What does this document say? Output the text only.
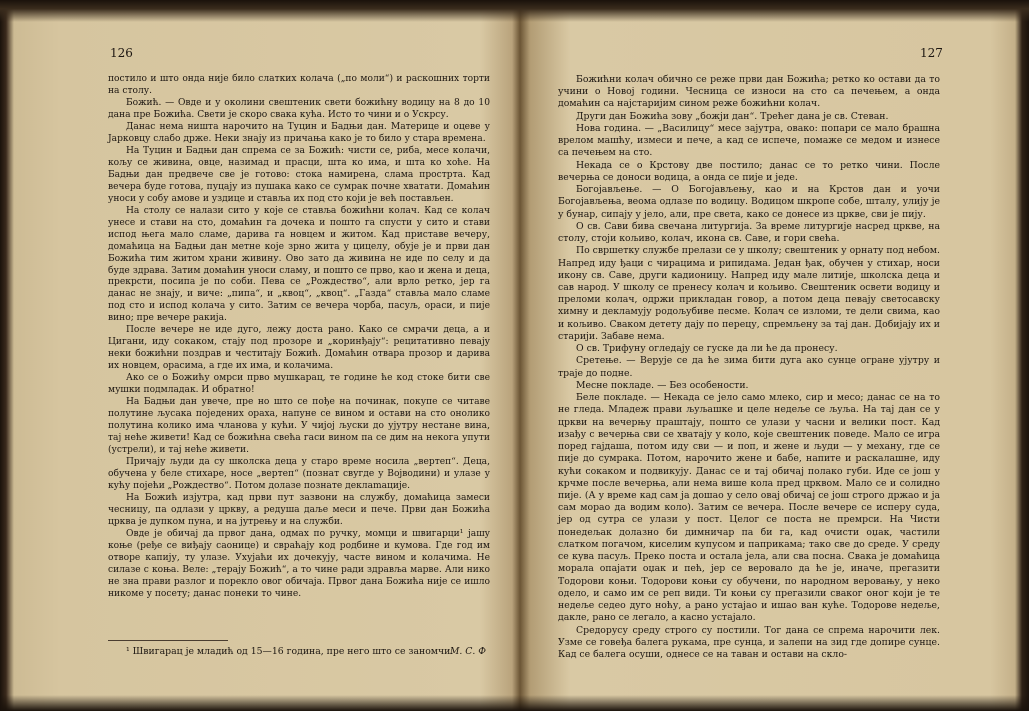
126

постило и што онда није било слатких колача („по моли“) и раскошних торти на столу.

Божић. — Овде и у околини свештеник свети божићну водицу на 8 до 10 дана пре Божића. Свети је скоро свака кућа. Исто то чини и о Ускрсу.

Данас нема ништа нарочито на Туцин и Бадњи дан. Материце и оцеве у Јарковцу слабо држе. Неки знају из причања како је то било у стара времена.

На Туцин и Бадњи дан спрема се за Божић: чисти се, риба, месе колачи, кољу се живина, овце, назимад и прасци, шта ко има, и шта ко хоће. На Бадњи дан предвече све је готово: стока намирена, слама прострта. Кад вечера буде готова, пуцају из пушака како се сумрак почне хватати. Домаћин уноси у собу амове и уздице и ставља их под сто који је већ постављен.

На столу се налази сито у које се ставља божићни колач. Кад се колач унесе и стави на сто, домаћин га дочека и пошто га спусти у сито и стави испод њега мало сламе, дарива га новцем и житом. Кад приставе вечеру, домаћица на Бадњи дан метне које зрно жита у цицелу, обује је и први дан Божића тим житом храни живину. Ово зато да живина не иде по селу и да буде здрава. Затим домаћин уноси сламу, и пошто се прво, као и жена и деца, прекрсти, посипа је по соби. Пева се „Рождество“, али врло ретко, јер га данас не знају, и виче: „пипа“, и „квоц“, „квоц“. „Газда“ ставља мало сламе под сто и испод колача у сито. Затим се вечера чорба, пасуљ, ораси, и пије вино; пре вечере ракија.

После вечере не иде дуго, лежу доста рано. Како се смрачи деца, а и Цигани, иду сокаком, стају под прозоре и „коринђају“: рецитативно певају неки божићни поздрав и честитају Божић. Домаћин отвара прозор и дарива их новцем, орасима, а где их има, и колачима.

Ако се о Божићу омрси прво мушкарац, те године ће код стоке бити све мушки подмладак. И обратно!

На Бадњи дан увече, пре но што се пође на починак, покупе се читаве полутине љусака поједених ораха, напуне се вином и остави на сто онолико полутина колико има чланова у кући. У чијој љуски до уjутру нестане вина, тај неће живети! Кад се божићна свећа гаси вином па се дим на некога упути (устрели), и тај неће живети.

Причају људи да су школска деца у старо време носила „вертеп“. Деца, обучена у беле стихаре, носе „вертеп“ (познат свугде у Војводини) и улазе у кућу појећи „Рождество“. Потом долазе познате деклamaције.

На Божић изјутра, кад први пут зазвони на службу, домаћица замеси чесницу, па одлази у цркву, а редуша даље меси и пече. Први дан Божића црква је дупком пуна, и на јутрењу и на служби.

Овде је обичај да првог дана, одмах по ручку, момци и швигарци¹ јашу коње (ређе се виђају саонице) и свраћају код родбине и кумова. Где год им отворе капију, ту улазе. Ухујаћи их дочекују, часте вином и колачима. Не силазе с коња. Веле: „терају Божић“, а то чине ради здравља марве. Али нико не зна прави разлог и порекло овог обичаја. Првог дана Божића није се ишло никоме у посету; данас понеки то чине.

¹ Швигарац је младић од 15—16 година, пре него што се заномчи.
М. С. Ф
127

Божићни колач обично се реже први дан Божића; ретко ко остави да то учини о Новој години. Чесница се износи на сто са печењем, а онда домаћин са најстаријим сином реже божићни колач.

Други дан Божића зову „божји дан“. Трећег дана је св. Стеван.

Нова година. — „Василицу“ месе зајутра, овако: попари се мало брашна врелом машћу, измеси и пече, а кад се испече, помаже се медом и изнесе са печењем на сто.

Некада се о Крстову две постило; данас се то ретко чини. После вечерња се доноси водица, а онда се пије и једе.

Богојављење. — О Богојављењу, као и на Крстов дан и уочи Богојављења, веома одлазе по водицу. Водицом шкропе собе, шталу, улију је у бунар, сипају у јело, али, пре света, како се донесе из цркве, сви је пију.

О св. Сави бива свечана литургија. За време литургије насред цркве, на столу, стоји кољиво, колач, икона св. Саве, и гори свећа.

По свршетку службе прелази се у школу; свештеник у орнату под небом. Напред иду ђаци с чирацима и рипидама. Један ђак, обучен у стихар, носи икону св. Саве, други кадионицу. Напред иду мале литије, школска деца и сав народ. У школу се пренесу колач и кољиво. Свештеник освети водицу и преломи колач, одржи прикладан говор, а потом деца певају светосавску химну и декламују родољубиве песме. Колач се изломи, те дели свима, као и кољиво. Сваком детету дају по перецу, спремљену за тај дан. Добијају их и старији. Забаве нема.

О св. Трифуну огледају се гуске да ли ће да пронесу.

Сретење. — Верује се да ће зима бити дуга ако сунце огране ујутру и траје до подне.

Месне покладе. — Без особености.

Беле покладе. — Некада се јело само млеко, сир и месо; данас се на то не гледа. Младеж прави љуљашке и целе недеље се љуља. На тај дан се у цркви на вечерњу праштају, пошто се улази у часни и велики пост. Кад изађу с вечерња сви се хватају у коло, које свештеник поведе. Мало се игра поред гајдаша, потом иду сви — и поп, и жене и људи — у механу, где се пије до сумрака. Потом, нарочито жене и бабе, напите и раскалашне, иду кући сокаком и подвикују. Данас се и тај обичај полако губи. Иде се још у крчме после вечерња, али нема више кола пред црквом. Мало се и солидно пије. (А у време кад сам ја дошао у село овај обичај се још строго држао и ја сам морао да водим коло). Затим се вечера. После вечере се исперу суда, јер од сутра се улази у пост. Целог се поста не премрси. На Чисти понедељак долазно би димничар па би га, кад очисти оџак, частили слатком погачом, киселим купусом и паприкама; тако све до среде. У среду се кува пасуљ. Преко поста и остала јела, али сва посна. Свака је домаћица морала опајати оџак и пећ, јер се веровало да ће је, иначе, прегазити Тодорови коњи. Тодорови коњи су обучени, по народном веровању, у неко одело, и само им се рeп види. Ти коњи су прегазили сваког оног који је те недеље седео дуго ноћу, а рано устајао и ишао ван куће. Тодорове недеље, дакле, рано се легало, а касно устајало.

Средорусу среду строго су постили. Тог дана се спрема нарочити лек. Узме се говеђа балега рукама, пре сунца, и залепи на зид где допире сунце. Кад се балега осуши, однесе се на таван и остави на скло-
